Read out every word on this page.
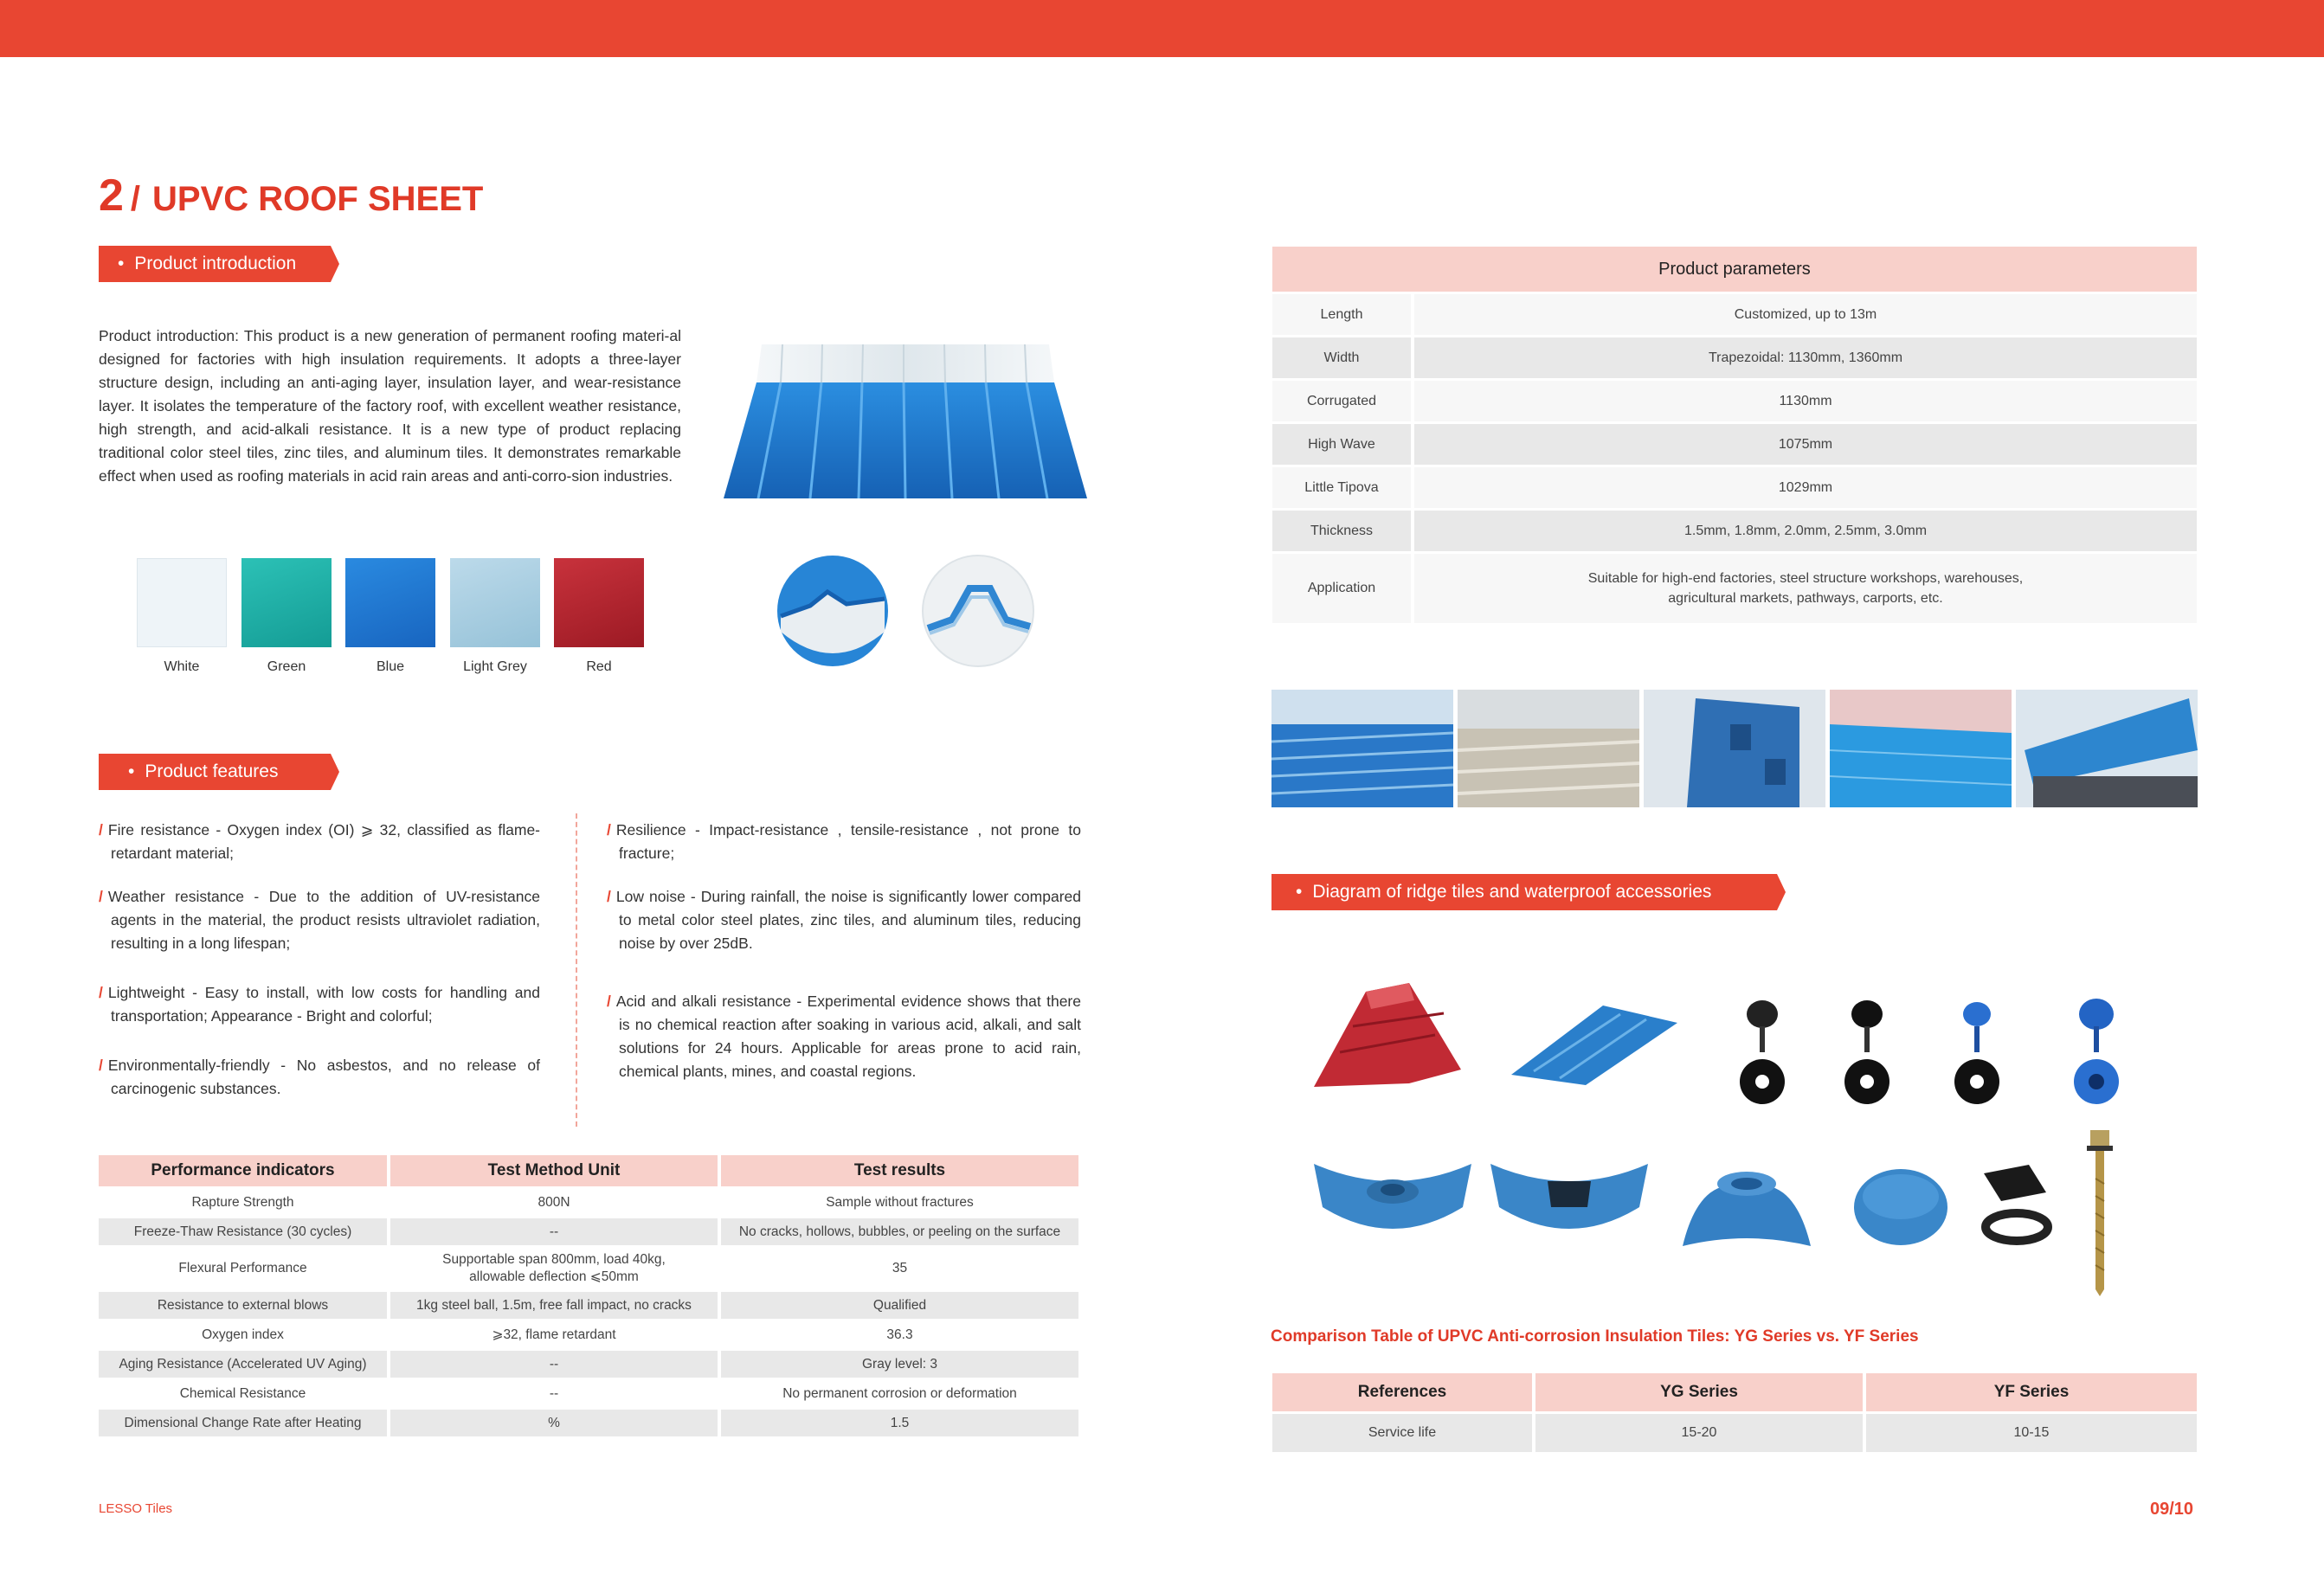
2 / UPVC ROOF SHEET
• Product introduction
Product introduction: This product is a new generation of permanent roofing materi-al designed for factories with high insulation requirements. It adopts a three-layer structure design, including an anti-aging layer, insulation layer, and wear-resistance layer. It isolates the temperature of the factory roof, with excellent weather resistance, high strength, and acid-alkali resistance. It is a new type of product replacing traditional color steel tiles, zinc tiles, and aluminum tiles. It demonstrates remarkable effect when used as roofing materials in acid rain areas and anti-corro-sion industries.
White	Green	Blue	Light Grey	Red
• Product features
/ Fire resistance - Oxygen index (OI) ⩾ 32, classified as flame-retardant material;
/ Weather resistance - Due to the addition of UV-resistance agents in the material, the product resists ultraviolet radiation, resulting in a long lifespan;
/ Lightweight - Easy to install, with low costs for handling and transportation; Appearance - Bright and colorful;
/ Environmentally-friendly - No asbestos, and no release of carcinogenic substances.
/ Resilience - Impact-resistance , tensile-resistance , not prone to fracture;
/ Low noise - During rainfall, the noise is significantly lower compared to metal color steel plates, zinc tiles, and aluminum tiles, reducing noise by over 25dB.
/ Acid and alkali resistance - Experimental evidence shows that there is no chemical reaction after soaking in various acid, alkali, and salt solutions for 24 hours. Applicable for areas prone to acid rain, chemical plants, mines, and coastal regions.
Performance indicators	Test Method Unit	Test results
Rapture Strength	800N	Sample without fractures
Freeze-Thaw Resistance (30 cycles)	--	No cracks, hollows, bubbles, or peeling on the surface
Flexural Performance	Supportable span 800mm, load 40kg, allowable deflection ⩽50mm	35
Resistance to external blows	1kg steel ball, 1.5m, free fall impact, no cracks	Qualified
Oxygen index	⩾32, flame retardant	36.3
Aging Resistance (Accelerated UV Aging)	--	Gray level: 3
Chemical Resistance	--	No permanent corrosion or deformation
Dimensional Change Rate after Heating	%	1.5
Product parameters	
Length	Customized, up to 13m
Width	Trapezoidal: 1130mm, 1360mm
Corrugated	1130mm
High Wave	1075mm
Little Tipova	1029mm
Thickness	1.5mm, 1.8mm, 2.0mm, 2.5mm, 3.0mm
Application	Suitable for high-end factories, steel structure workshops, warehouses, agricultural markets, pathways, carports, etc.
• Diagram of ridge tiles and waterproof accessories
Comparison Table of UPVC Anti-corrosion Insulation Tiles: YG Series vs. YF Series
References	YG Series	YF Series
Service life	15-20	10-15
LESSO Tiles	09/10
